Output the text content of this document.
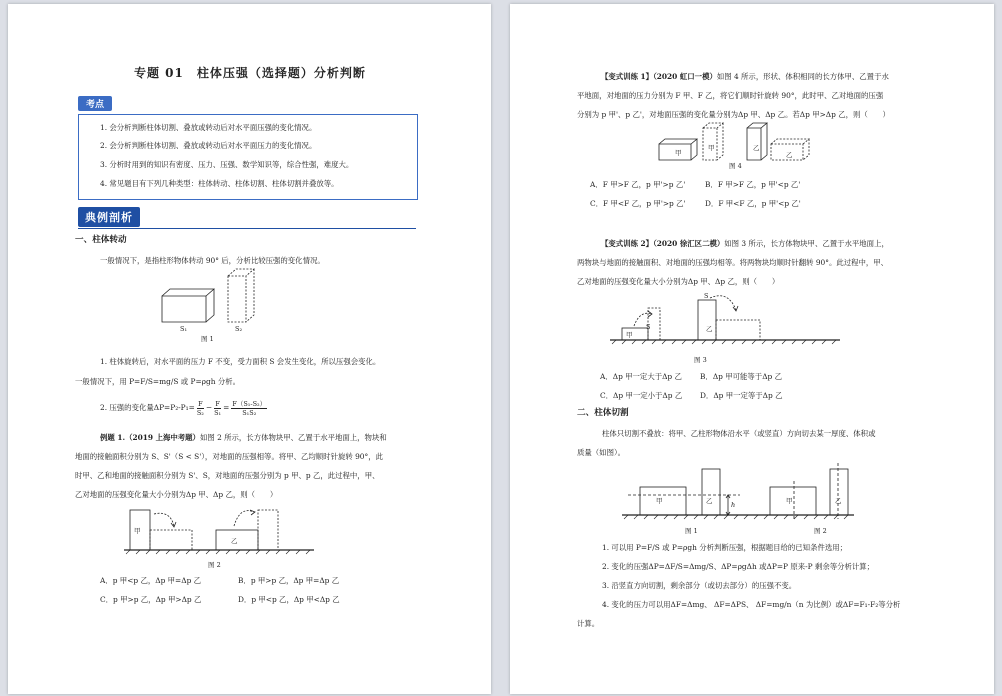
专题 01　柱体压强（选择题）分析判断
考点
1. 会分析判断柱体切割、叠放或转动后对水平面压强的变化情况。
2. 会分析判断柱体切割、叠放或转动后对水平面压力的变化情况。
3. 分析时用到的知识有密度、压力、压强、数学知识等，综合性强，难度大。
4. 常见题目有下列几种类型：柱体转动、柱体切割、柱体切割并叠放等。
典例剖析
一、柱体转动
一般情况下，是指柱形物体转动 90° 后，分析比较压强的变化情况。
S₁	S₂
图 1
1. 柱体旋转后，对水平面的压力 F 不变，受力面积 S 会发生变化，所以压强会变化。
一般情况下，用 P=F/S=mg/S 或 P=ρgh 分析。
2. 压强的变化量$\Delta P=P_2-P_1= \frac{F}{\text{S₂}} - \frac{F}{\text{S₁}} = \frac{\text{F（S₁-S₂）}}{\text{S₁S₂}}$
例题 1.（2019 上海中考题）如图 2 所示，长方体物块甲、乙置于水平地面上，物块和
地面的接触面积分别为 S、S'（S < S'），对地面的压强相等。将甲、乙均顺时针旋转 90°，此
时甲、乙和地面的接触面积分别为 S'、S，对地面的压强分别为 p 甲、p 乙，此过程中，甲、
乙对地面的压强变化量大小分别为Δp 甲、Δp 乙，则（　　）
甲
乙
图 2
A．p 甲<p 乙，Δp 甲=Δp 乙	B．p 甲>p 乙，Δp 甲=Δp 乙
C．p 甲>p 乙，Δp 甲>Δp 乙	D．p 甲<p 乙，Δp 甲<Δp 乙
【变式训练 1】（2020 虹口一模）如图 4 所示，形状、体积相同的长方体甲、乙置于水
平地面，对地面的压力分别为 F 甲、F 乙，将它们顺时针旋转 90°，此时甲、乙对地面的压强
分别为 p 甲'、p 乙'，对地面压强的变化量分别为Δp 甲、Δp 乙。若Δp 甲>Δp 乙，则（　　）
甲
甲	乙
乙
图 4
A．F 甲>F 乙，p 甲'>p 乙'	B．F 甲>F 乙，p 甲'<p 乙'
C．F 甲<F 乙，p 甲'>p 乙'	D．F 甲<F 乙，p 甲'<p 乙'
【变式训练 2】（2020 徐汇区二模）如图 3 所示，长方体物块甲、乙置于水平地面上，
两物块与地面的接触面积、对地面的压强均相等。将两物块均顺时针翻转 90°。此过程中，甲、
乙对地面的压强变化量大小分别为Δp 甲、Δp 乙，则（　　）
甲
乙
S
S
图 3
A．Δp 甲一定大于Δp 乙 B．Δp 甲可能等于Δp 乙
C．Δp 甲一定小于Δp 乙 D．Δp 甲一定等于Δp 乙
二、柱体切割
柱体只切割不叠放：将甲、乙柱形物体沿水平（或竖直）方向切去某一厚度、体积或
质量（如图）。
甲	乙	h	甲	乙
图 1	图 2
1. 可以用 P=F/S 或 P=ρgh 分析判断压强，根据题目给的已知条件选用；
2. 变化的压强ΔP=ΔF/S=Δmg/S、ΔP=ρgΔh 或ΔP=P 原来-P 剩余等分析计算；
3. 沿竖直方向切割，剩余部分（或切去部分）的压强不变。
4. 变化的压力可以用ΔF=Δmg、 ΔF=ΔPS、 ΔF=mg/n（n 为比例）或ΔF=F₁-F₂等分析
计算。
